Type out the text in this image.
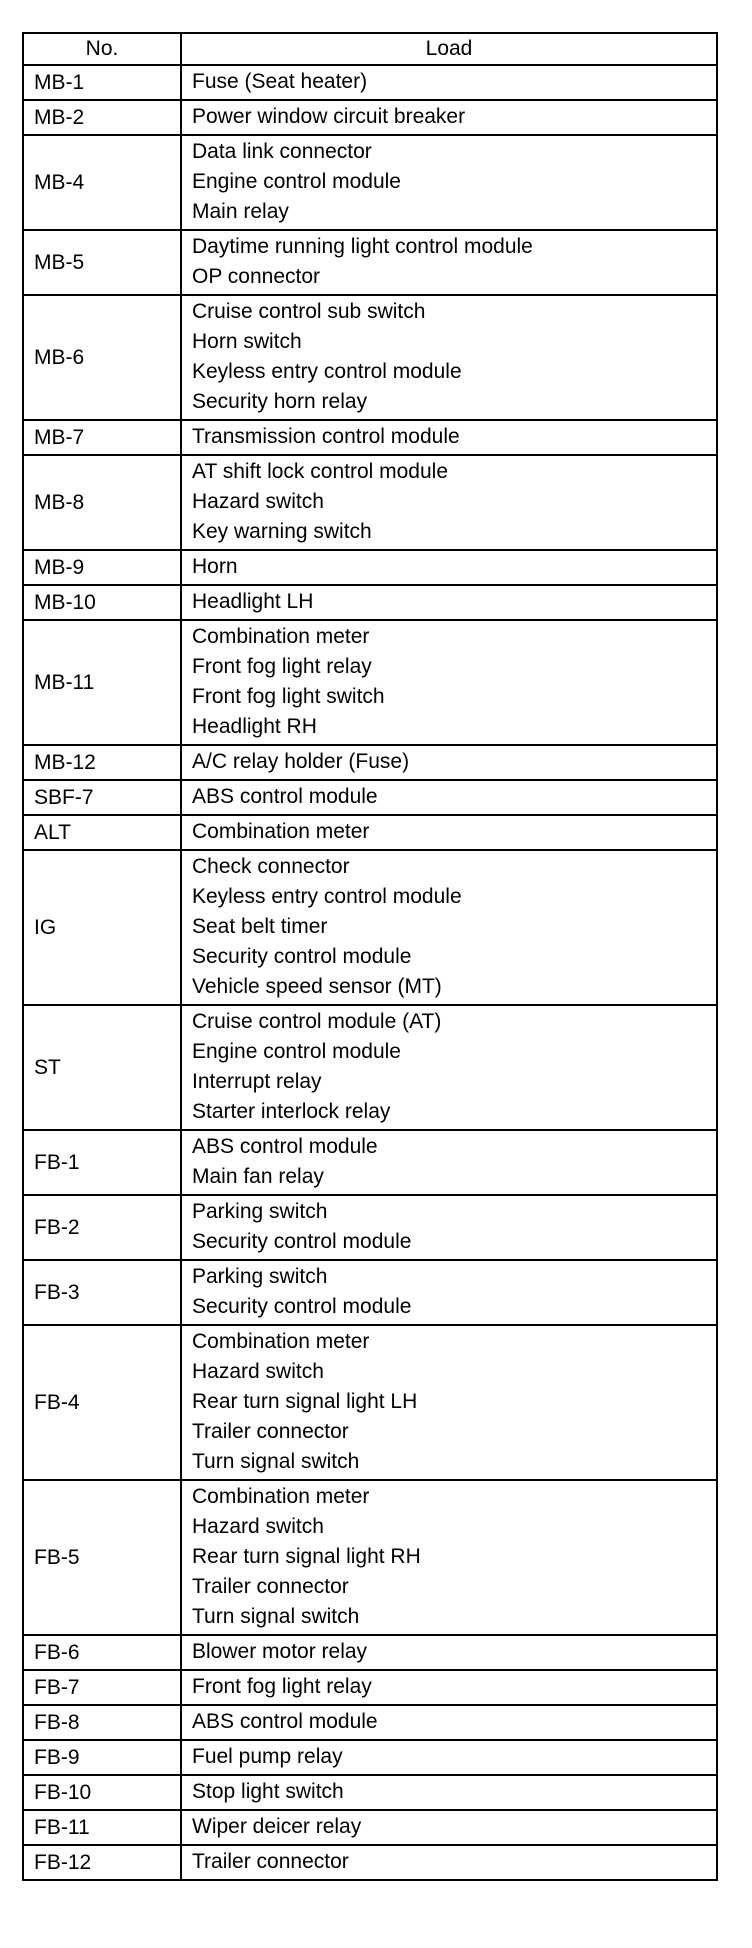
No.	Load
MB-1	Fuse (Seat heater)

MB-2	Power window circuit breaker

MB-4	Data link connector
Engine control module
Main relay

MB-5	Daytime running light control module
OP connector

MB-6	Cruise control sub switch
Horn switch
Keyless entry control module
Security horn relay

MB-7	Transmission control module

MB-8	AT shift lock control module
Hazard switch
Key warning switch

MB-9	Horn

MB-10	Headlight LH

MB-11	Combination meter
Front fog light relay
Front fog light switch
Headlight RH

MB-12	A/C relay holder (Fuse)

SBF-7	ABS control module

ALT	Combination meter

IG	Check connector
Keyless entry control module
Seat belt timer
Security control module
Vehicle speed sensor (MT)

ST	Cruise control module (AT)
Engine control module
Interrupt relay
Starter interlock relay

FB-1	ABS control module
Main fan relay

FB-2	Parking switch
Security control module

FB-3	Parking switch
Security control module

FB-4	Combination meter
Hazard switch
Rear turn signal light LH
Trailer connector
Turn signal switch

FB-5	Combination meter
Hazard switch
Rear turn signal light RH
Trailer connector
Turn signal switch

FB-6	Blower motor relay

FB-7	Front fog light relay

FB-8	ABS control module

FB-9	Fuel pump relay

FB-10	Stop light switch

FB-11	Wiper deicer relay

FB-12	Trailer connector
